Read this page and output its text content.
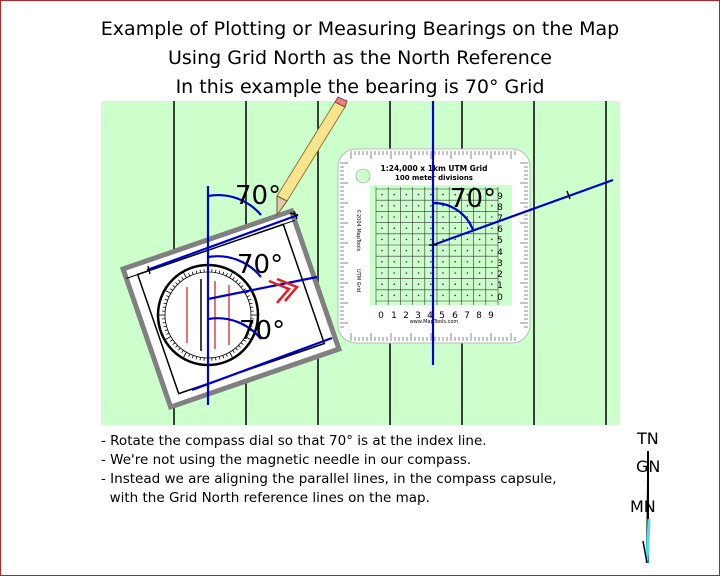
Example of Plotting or Measuring Bearings on the Map
Using Grid North as the North Reference
In this example the bearing is 70° Grid
70°
70°
70°
1:24,000 x 1km UTM Grid
100 meter divisions
©2004 MapTools
UTM Grid
www.MapTools.com
0 1 2 3 4 5 6 7 8 9
9
8
7
6
5
4
3
2
1
0
70°
- Rotate the compass dial so that 70° is at the index line.
- We're not using the magnetic needle in our compass.
- Instead we are aligning the parallel lines, in the compass capsule,
with the Grid North reference lines on the map.
TN
GN
MN
